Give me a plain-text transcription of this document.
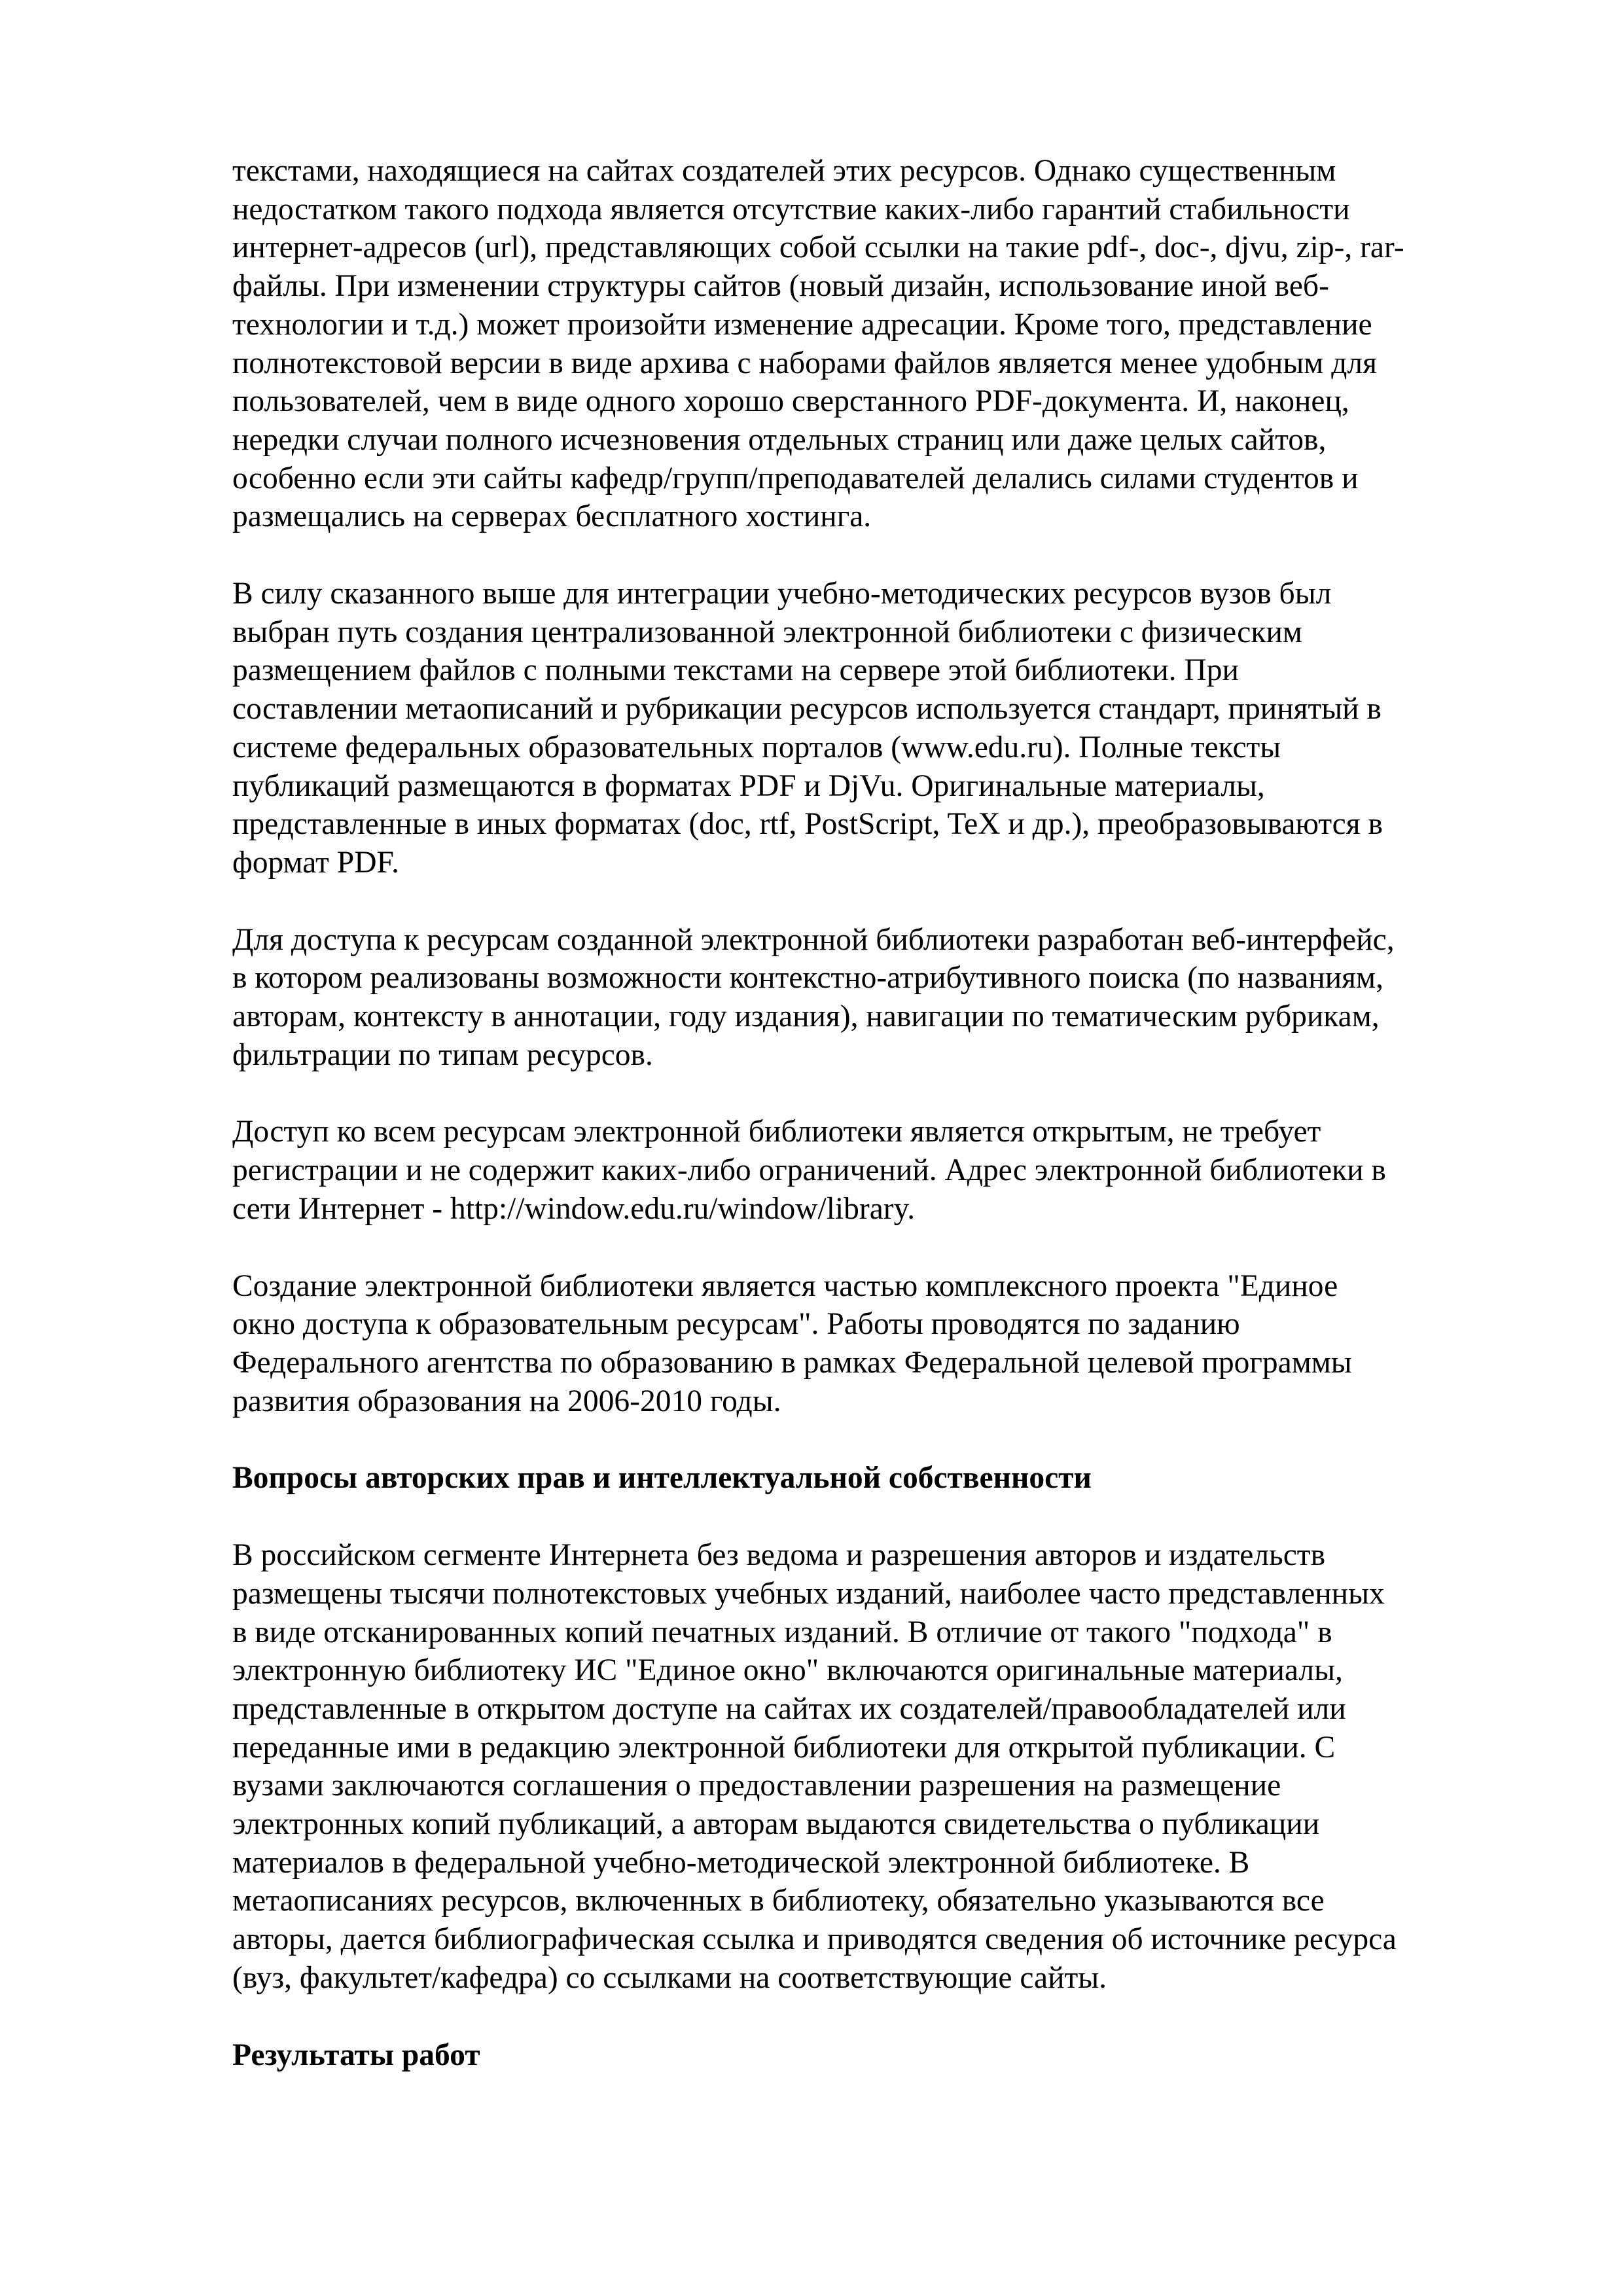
текстами, находящиеся на сайтах создателей этих ресурсов. Однако существенным
недостатком такого подхода является отсутствие каких-либо гарантий стабильности
интернет-адресов (url), представляющих собой ссылки на такие pdf-, doc-, djvu, zip-, rar-
файлы. При изменении структуры сайтов (новый дизайн, использование иной веб-
технологии и т.д.) может произойти изменение адресации. Кроме того, представление
полнотекстовой версии в виде архива с наборами файлов является менее удобным для
пользователей, чем в виде одного хорошо сверстанного PDF-документа. И, наконец,
нередки случаи полного исчезновения отдельных страниц или даже целых сайтов,
особенно если эти сайты кафедр/групп/преподавателей делались силами студентов и
размещались на серверах бесплатного хостинга.

В силу сказанного выше для интеграции учебно-методических ресурсов вузов был
выбран путь создания централизованной электронной библиотеки с физическим
размещением файлов с полными текстами на сервере этой библиотеки. При
составлении метаописаний и рубрикации ресурсов используется стандарт, принятый в
системе федеральных образовательных порталов (www.edu.ru). Полные тексты
публикаций размещаются в форматах PDF и DjVu. Оригинальные материалы,
представленные в иных форматах (doc, rtf, PostScript, TeX и др.), преобразовываются в
формат PDF.

Для доступа к ресурсам созданной электронной библиотеки разработан веб-интерфейс,
в котором реализованы возможности контекстно-атрибутивного поиска (по названиям,
авторам, контексту в аннотации, году издания), навигации по тематическим рубрикам,
фильтрации по типам ресурсов.

Доступ ко всем ресурсам электронной библиотеки является открытым, не требует
регистрации и не содержит каких-либо ограничений. Адрес электронной библиотеки в
сети Интернет - http://window.edu.ru/window/library.

Создание электронной библиотеки является частью комплексного проекта "Единое
окно доступа к образовательным ресурсам". Работы проводятся по заданию
Федерального агентства по образованию в рамках Федеральной целевой программы
развития образования на 2006-2010 годы.

Вопросы авторских прав и интеллектуальной собственности

В российском сегменте Интернета без ведома и разрешения авторов и издательств
размещены тысячи полнотекстовых учебных изданий, наиболее часто представленных
в виде отсканированных копий печатных изданий. В отличие от такого "подхода" в
электронную библиотеку ИС "Единое окно" включаются оригинальные материалы,
представленные в открытом доступе на сайтах их создателей/правообладателей или
переданные ими в редакцию электронной библиотеки для открытой публикации. С
вузами заключаются соглашения о предоставлении разрешения на размещение
электронных копий публикаций, а авторам выдаются свидетельства о публикации
материалов в федеральной учебно-методической электронной библиотеке. В
метаописаниях ресурсов, включенных в библиотеку, обязательно указываются все
авторы, дается библиографическая ссылка и приводятся сведения об источнике ресурса
(вуз, факультет/кафедра) со ссылками на соответствующие сайты.

Результаты работ
